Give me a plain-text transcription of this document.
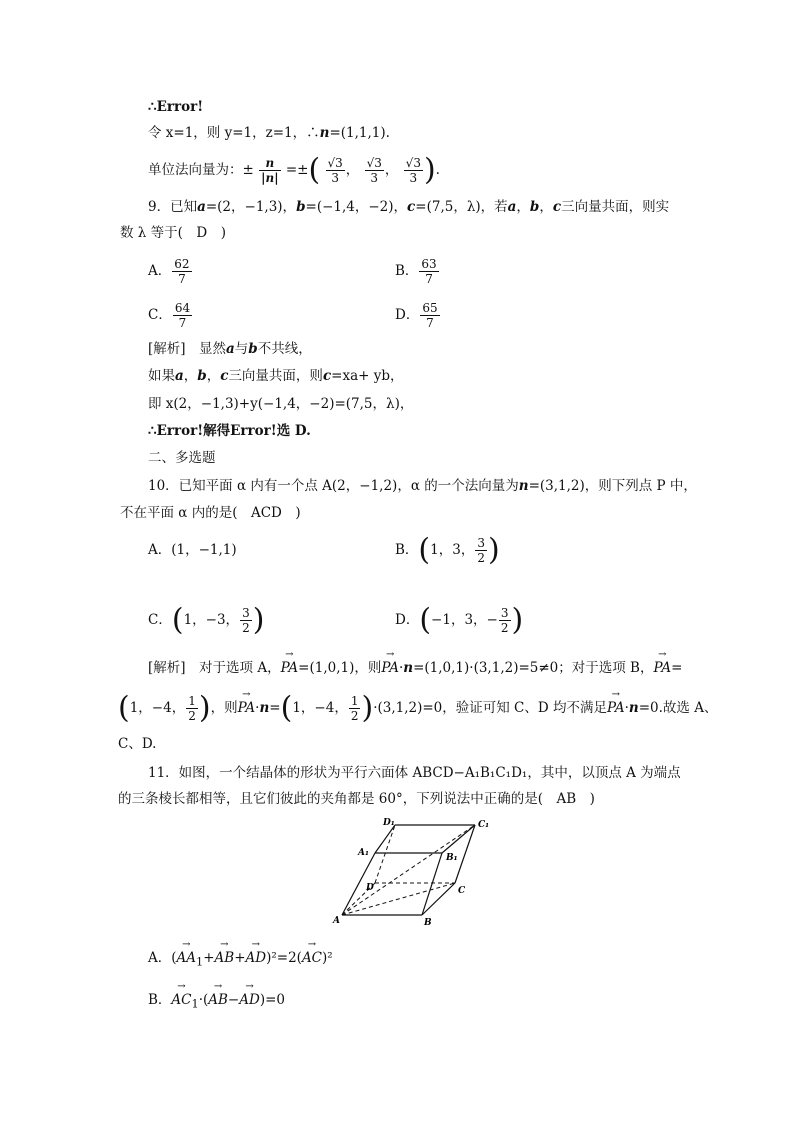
∴Error!
令 x=1，则 y=1，z=1，∴n=(1,1,1).
单位法向量为：± $\frac{n}{|n|}$ =±( $\frac{√3}{3}$ ， $\frac{√3}{3}$ ， $\frac{√3}{3}$ ).
9．已知a=(2，−1,3)，b=(−1,4，−2)，c=(7,5，λ)，若a，b，c三向量共面，则实
数 λ 等于(　D　)
A． $\frac{62}{7}$	B． $\frac{63}{7}$
C． $\frac{64}{7}$	D． $\frac{65}{7}$
[解析]　显然a与b不共线，
如果a，b，c三向量共面，则c=xa+ yb，
即 x(2，−1,3)+y(−1,4，−2)=(7,5，λ)，
∴Error!解得Error!选 D.
二、多选题
10．已知平面 α 内有一个点 A(2，−1,2)，α 的一个法向量为n=(3,1,2)，则下列点 P 中，
不在平面 α 内的是(　ACD　)
A．(1，−1,1)	B．(1，3， $\frac{3}{2}$ )
C．(1，−3， $\frac{3}{2}$ )	D．(−1，3，− $\frac{3}{2}$ )
[解析]　对于选项 A，→ PA=(1,0,1)，则→ PA·n=(1,0,1)·(3,1,2)=5≠0；对于选项 B，→ PA=
(1，−4， $\frac{1}{2}$ )，则→ PA·n=(1，−4， $\frac{1}{2} )\cdot(3,1,2)=0$，验证可知 C、D 均不满足→ PA·n=0.故选 A、
C、D.
11．如图，一个结晶体的形状为平行六面体 ABCD−A₁B₁C₁D₁，其中，以顶点 A 为端点
的三条棱长都相等，且它们彼此的夹角都是 60°，下列说法中正确的是(　AB　)
D₁	C₁
A₁	B₁
D	C
A	B
A．(→ $AA_1+\to AB+\to AD)^2=2(\to AC)^2$
B．→ $AC_1\cdot(\to AB-\to AD)=0$
